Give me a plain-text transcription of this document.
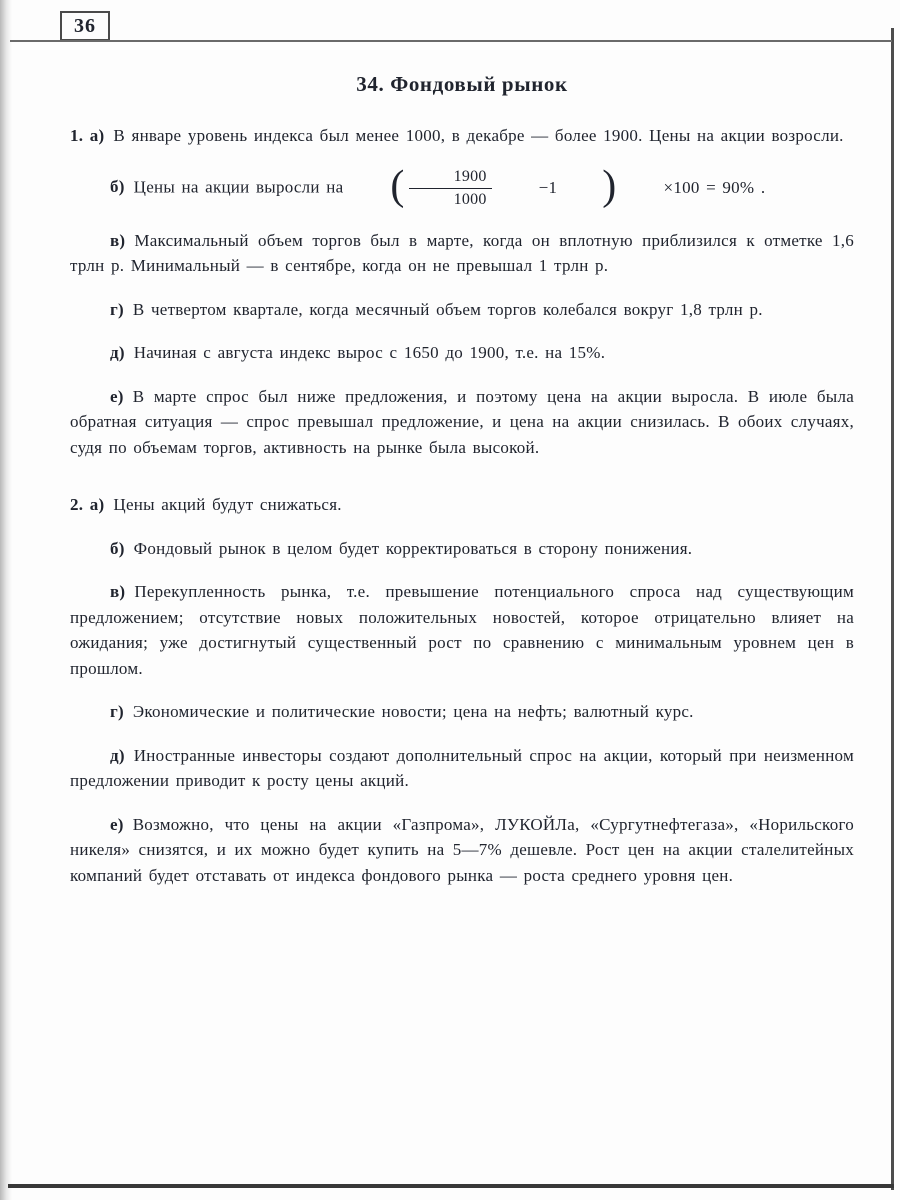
36
34. Фондовый рынок

1. а) В январе уровень индекса был менее 1000, в декабре — более 1900. Цены на акции возросли.

б) Цены на акции выросли на	( $\frac{1900}{1000}$	−1	)	×100 = 90% .

в) Максимальный объем торгов был в марте, когда он вплотную приблизился к отметке 1,6 трлн р. Минимальный — в сентябре, когда он не превышал 1 трлн р.

г) В четвертом квартале, когда месячный объем торгов колебался вокруг 1,8 трлн р.

д) Начиная с августа индекс вырос с 1650 до 1900, т.е. на 15%.

е) В марте спрос был ниже предложения, и поэтому цена на акции выросла. В июле была обратная ситуация — спрос превышал предложение, и цена на акции снизилась. В обоих случаях, судя по объемам торгов, активность на рынке была высокой.

2. а) Цены акций будут снижаться.

б) Фондовый рынок в целом будет корректироваться в сторону понижения.

в) Перекупленность рынка, т.е. превышение потенциального спроса над существующим предложением; отсутствие новых положительных новостей, которое отрицательно влияет на ожидания; уже достигнутый существенный рост по сравнению с минимальным уровнем цен в прошлом.

г) Экономические и политические новости; цена на нефть; валютный курс.

д) Иностранные инвесторы создают дополнительный спрос на акции, который при неизменном предложении приводит к росту цены акций.

е) Возможно, что цены на акции «Газпрома», ЛУКОЙЛа, «Сургутнефтегаза», «Норильского никеля» снизятся, и их можно будет купить на 5—7% дешевле. Рост цен на акции сталелитейных компаний будет отставать от индекса фондового рынка — роста среднего уровня цен.
